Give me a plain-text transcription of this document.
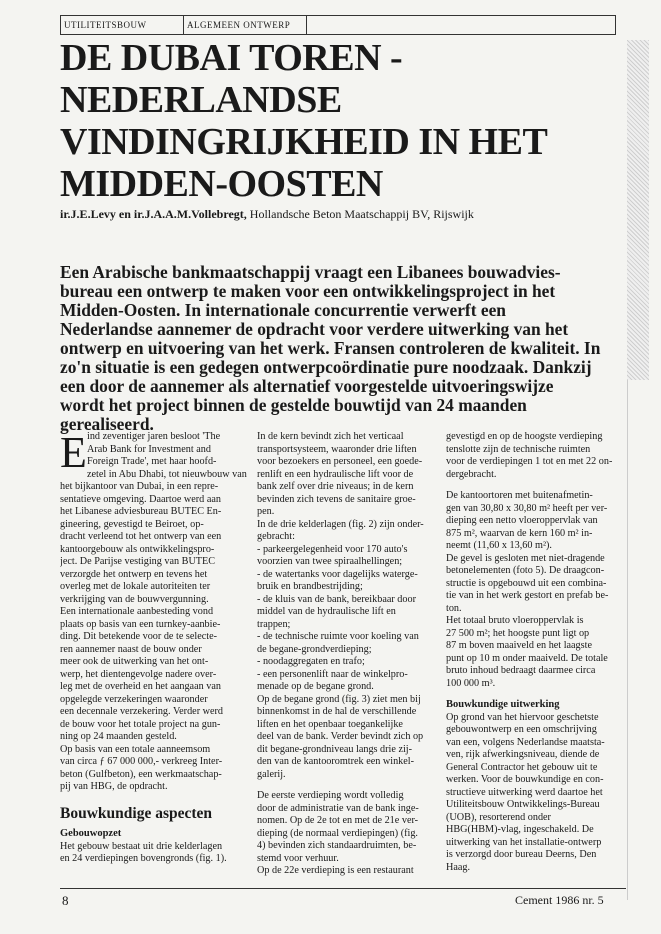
UTILITEITSBOUW	ALGEMEEN ONTWERP
DE DUBAI TOREN -
NEDERLANDSE
VINDINGRIJKHEID IN HET
MIDDEN-OOSTEN
ir.J.E.Levy en ir.J.A.A.M.Vollebregt, Hollandsche Beton Maatschappij BV, Rijswijk
Een Arabische bankmaatschappij vraagt een Libanees bouwadvies-
bureau een ontwerp te maken voor een ontwikkelingsproject in het
Midden-Oosten. In internationale concurrentie verwerft een
Nederlandse aannemer de opdracht voor verdere uitwerking van het
ontwerp en uitvoering van het werk. Fransen controleren de kwaliteit. In
zo'n situatie is een gedegen ontwerpcoördinatie pure noodzaak. Dankzij
een door de aannemer als alternatief voorgestelde uitvoeringswijze
wordt het project binnen de gestelde bouwtijd van 24 maanden
gerealiseerd.
E ind zeventiger jaren besloot 'The
Arab Bank for Investment and
Foreign Trade', met haar hoofd-
zetel in Abu Dhabi, tot nieuwbouw van
het bijkantoor van Dubai, in een repre-
sentatieve omgeving. Daartoe werd aan
het Libanese adviesbureau BUTEC En-
gineering, gevestigd te Beiroet, op-
dracht verleend tot het ontwerp van een
kantoorgebouw als ontwikkelingspro-
ject. De Parijse vestiging van BUTEC
verzorgde het ontwerp en tevens het
overleg met de lokale autoriteiten ter
verkrijging van de bouwvergunning.
Een internationale aanbesteding vond
plaats op basis van een turnkey-aanbie-
ding. Dit betekende voor de te selecte-
ren aannemer naast de bouw onder
meer ook de uitwerking van het ont-
werp, het dientengevolge nadere over-
leg met de overheid en het aangaan van
opgelegde verzekeringen waaronder
een decennale verzekering. Verder werd
de bouw voor het totale project na gun-
ning op 24 maanden gesteld.
Op basis van een totale aanneemsom
van circa ƒ 67 000 000,- verkreeg Inter-
beton (Gulfbeton), een werkmaatschap-
pij van HBG, de opdracht.
Bouwkundige aspecten
Gebouwopzet
Het gebouw bestaat uit drie kelderlagen
en 24 verdiepingen bovengronds (fig. 1).
In de kern bevindt zich het verticaal
transportsysteem, waaronder drie liften
voor bezoekers en personeel, een goede-
renlift en een hydraulische lift voor de
bank zelf over drie niveaus; in de kern
bevinden zich tevens de sanitaire groe-
pen.
In de drie kelderlagen (fig. 2) zijn onder-
gebracht:
- parkeergelegenheid voor 170 auto's
voorzien van twee spiraalhellingen;
- de watertanks voor dagelijks waterge-
bruik en brandbestrijding;
- de kluis van de bank, bereikbaar door
middel van de hydraulische lift en
trappen;
- de technische ruimte voor koeling van
de begane-grondverdieping;
- noodaggregaten en trafo;
- een personenlift naar de winkelpro-
menade op de begane grond.
Op de begane grond (fig. 3) ziet men bij
binnenkomst in de hal de verschillende
liften en het openbaar toegankelijke
deel van de bank. Verder bevindt zich op
dit begane-grondniveau langs drie zij-
den van de kantooromtrek een winkel-
galerij.
De eerste verdieping wordt volledig
door de administratie van de bank inge-
nomen. Op de 2e tot en met de 21e ver-
dieping (de normaal verdiepingen) (fig.
4) bevinden zich standaardruimten, be-
stemd voor verhuur.
Op de 22e verdieping is een restaurant
gevestigd en op de hoogste verdieping
tenslotte zijn de technische ruimten
voor de verdiepingen 1 tot en met 22 on-
dergebracht.
De kantoortoren met buitenafmetin-
gen van 30,80 x 30,80 m² heeft per ver-
dieping een netto vloeroppervlak van
875 m², waarvan de kern 160 m² in-
neemt (11,60 x 13,60 m²).
De gevel is gesloten met niet-dragende
betonelementen (foto 5). De draagcon-
structie is opgebouwd uit een combina-
tie van in het werk gestort en prefab be-
ton.
Het totaal bruto vloeroppervlak is
27 500 m²; het hoogste punt ligt op
87 m boven maaiveld en het laagste
punt op 10 m onder maaiveld. De totale
bruto inhoud bedraagt daarmee circa
100 000 m³.
Bouwkundige uitwerking
Op grond van het hiervoor geschetste
gebouwontwerp en een omschrijving
van een, volgens Nederlandse maatsta-
ven, rijk afwerkingsniveau, diende de
General Contractor het gebouw uit te
werken. Voor de bouwkundige en con-
structieve uitwerking werd daartoe het
Utiliteitsbouw Ontwikkelings-Bureau
(UOB), resorterend onder
HBG(HBM)-vlag, ingeschakeld. De
uitwerking van het installatie-ontwerp
is verzorgd door bureau Deerns, Den
Haag.
8	Cement 1986 nr. 5
